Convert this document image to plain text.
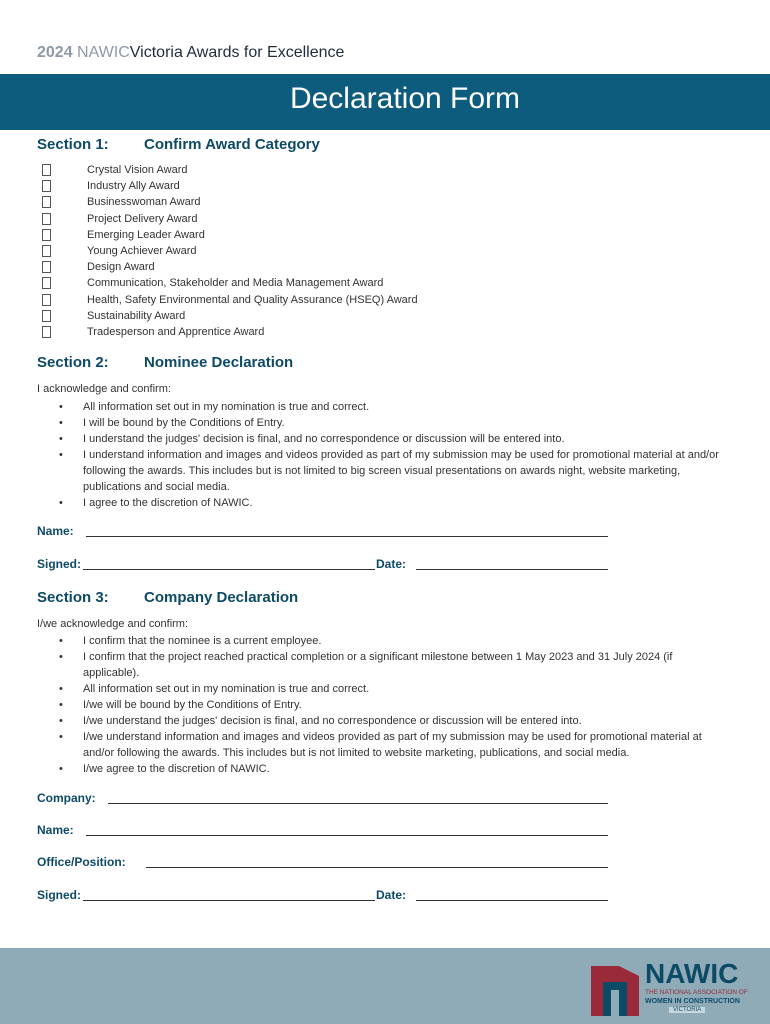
2024 NAWICVictoria Awards for Excellence
Declaration Form
Section 1: Confirm Award Category
Crystal Vision Award
Industry Ally Award
Businesswoman Award
Project Delivery Award
Emerging Leader Award
Young Achiever Award
Design Award
Communication, Stakeholder and Media Management Award
Health, Safety Environmental and Quality Assurance (HSEQ) Award
Sustainability Award
Tradesperson and Apprentice Award
Section 2: Nominee Declaration
I acknowledge and confirm:
• All information set out in my nomination is true and correct.
• I will be bound by the Conditions of Entry.
• I understand the judges' decision is final, and no correspondence or discussion will be entered into.
• I understand information and images and videos provided as part of my submission may be used for promotional material at and/or following the awards. This includes but is not limited to big screen visual presentations on awards night, website marketing, publications and social media.
• I agree to the discretion of NAWIC.
Name:
Signed:	Date:
Section 3: Company Declaration
I/we acknowledge and confirm:
• I confirm that the nominee is a current employee.
• I confirm that the project reached practical completion or a significant milestone between 1 May 2023 and 31 July 2024 (if applicable).
• All information set out in my nomination is true and correct.
• I/we will be bound by the Conditions of Entry.
• I/we understand the judges' decision is final, and no correspondence or discussion will be entered into.
• I/we understand information and images and videos provided as part of my submission may be used for promotional material at and/or following the awards. This includes but is not limited to website marketing, publications, and social media.
• I/we agree to the discretion of NAWIC.
Company:
Name:
Office/Position:
Signed:	Date:
NAWIC
THE NATIONAL ASSOCIATION OF
WOMEN IN CONSTRUCTION
VICTORIA
